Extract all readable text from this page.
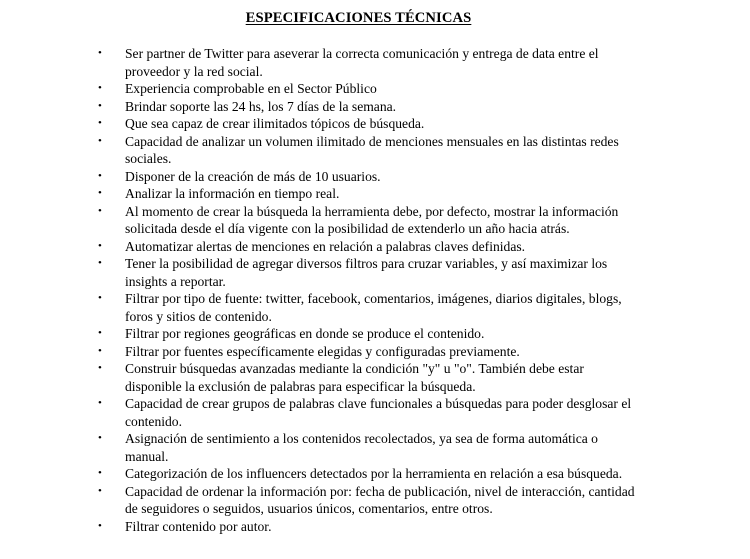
ESPECIFICACIONES TÉCNICAS
•	Ser partner de Twitter para aseverar la correcta comunicación y entrega de data entre el proveedor y la red social.
•	Experiencia comprobable en el Sector Público
•	Brindar soporte las 24 hs, los 7 días de la semana.
•	Que sea capaz de crear ilimitados tópicos de búsqueda.
•	Capacidad de analizar un volumen ilimitado de menciones mensuales en las distintas redes sociales.
•	Disponer de la creación de más de 10 usuarios.
•	Analizar la información en tiempo real.
•	Al momento de crear la búsqueda la herramienta debe, por defecto, mostrar la información solicitada desde el día vigente con la posibilidad de extenderlo un año hacia atrás.
•	Automatizar alertas de menciones en relación a palabras claves definidas.
•	Tener la posibilidad de agregar diversos filtros para cruzar variables, y así maximizar los insights a reportar.
•	Filtrar por tipo de fuente: twitter, facebook, comentarios, imágenes, diarios digitales, blogs, foros y sitios de contenido.
•	Filtrar por regiones geográficas en donde se produce el contenido.
•	Filtrar por fuentes específicamente elegidas y configuradas previamente.
•	Construir búsquedas avanzadas mediante la condición "y" u "o". También debe estar disponible la exclusión de palabras para especificar la búsqueda.
•	Capacidad de crear grupos de palabras clave funcionales a búsquedas para poder desglosar el contenido.
•	Asignación de sentimiento a los contenidos recolectados, ya sea de forma automática o manual.
•	Categorización de los influencers detectados por la herramienta en relación a esa búsqueda.
•	Capacidad de ordenar la información por: fecha de publicación, nivel de interacción, cantidad de seguidores o seguidos, usuarios únicos, comentarios, entre otros.
•	Filtrar contenido por autor.
